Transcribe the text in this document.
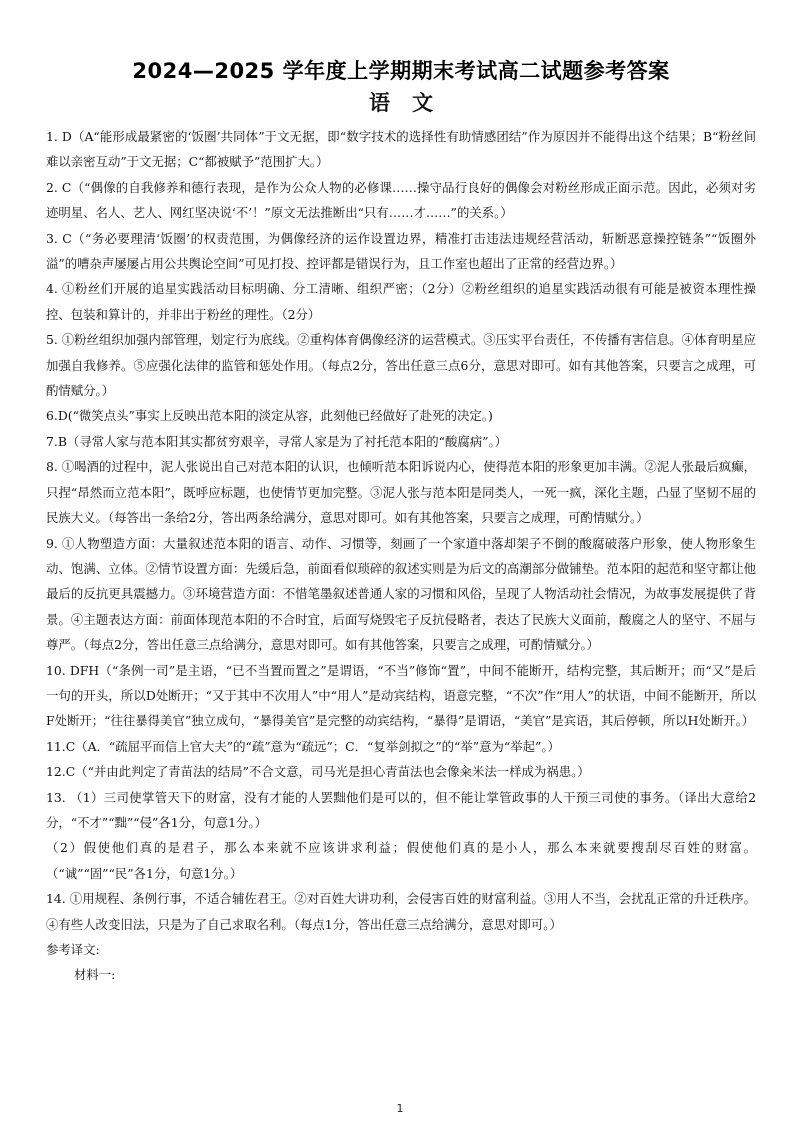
2024—2025 学年度上学期期末考试高二试题参考答案
语文

1. D（A“能形成最紧密的‘饭圈’共同体”于文无据，即“数字技术的选择性有助情感团结”作为原因并不能得出这个结果；B“粉丝间难以亲密互动”于文无据；C“都被赋予”范围扩大。）

2. C（“偶像的自我修养和德行表现，是作为公众人物的必修课……操守品行良好的偶像会对粉丝形成正面示范。因此，必须对劣迹明星、名人、艺人、网红坚决说‘不’！”原文无法推断出“只有……才……”的关系。）

3. C（“务必要理清‘饭圈’的权责范围，为偶像经济的运作设置边界，精准打击违法违规经营活动，斩断恶意操控链条”“饭圈外溢”的嘈杂声屡屡占用公共舆论空间”可见打投、控评都是错误行为，且工作室也超出了正常的经营边界。）

4. ①粉丝们开展的追星实践活动目标明确、分工清晰、组织严密；（2分）②粉丝组织的追星实践活动很有可能是被资本理性操控、包装和算计的，并非出于粉丝的理性。（2分）

5. ①粉丝组织加强内部管理，划定行为底线。②重构体育偶像经济的运营模式。③压实平台责任，不传播有害信息。④体育明星应加强自我修养。⑤应强化法律的监管和惩处作用。（每点2分，答出任意三点6分，意思对即可。如有其他答案，只要言之成理，可酌情赋分。）

6.D(“微笑点头”事实上反映出范本阳的淡定从容，此刻他已经做好了赴死的决定。)

7.B（寻常人家与范本阳其实都贫穷艰辛，寻常人家是为了衬托范本阳的“酸腐病”。）

8. ①喝酒的过程中，泥人张说出自己对范本阳的认识，也倾听范本阳诉说内心，使得范本阳的形象更加丰满。②泥人张最后疯癫，只捏“昂然而立范本阳”，既呼应标题，也使情节更加完整。③泥人张与范本阳是同类人，一死一疯，深化主题，凸显了坚韧不屈的民族大义。（每答出一条给2分，答出两条给满分，意思对即可。如有其他答案，只要言之成理，可酌情赋分。）

9. ①人物塑造方面：大量叙述范本阳的语言、动作、习惯等，刻画了一个家道中落却架子不倒的酸腐破落户形象，使人物形象生动、饱满、立体。②情节设置方面：先缓后急，前面看似琐碎的叙述实则是为后文的高潮部分做铺垫。范本阳的起范和坚守都让他最后的反抗更具震撼力。③环境营造方面：不惜笔墨叙述普通人家的习惯和风俗，呈现了人物活动社会情况，为故事发展提供了背景。④主题表达方面：前面体现范本阳的不合时宜，后面写烧毁宅子反抗侵略者，表达了民族大义面前，酸腐之人的坚守、不屈与尊严。（每点2分，答出任意三点给满分，意思对即可。如有其他答案，只要言之成理，可酌情赋分。）

10. DFH（“条例一司”是主语，“已不当置而置之”是谓语，“不当”修饰“置”，中间不能断开，结构完整，其后断开；而“又”是后一句的开头，所以D处断开；“又于其中不次用人”中“用人”是动宾结构，语意完整，“不次”作“用人”的状语，中间不能断开，所以F处断开；“往往暴得美官”独立成句，“暴得美官”是完整的动宾结构，“暴得”是谓语，“美官”是宾语，其后停顿，所以H处断开。）

11.C（A．“疏屈平而信上官大夫”的“疏”意为“疏远”；C．“复举剑拟之”的“举”意为“举起”。）

12.C（“并由此判定了青苗法的结局”不合文意，司马光是担心青苗法也会像籴米法一样成为祸患。）

13. （1）三司使掌管天下的财富，没有才能的人罢黜他们是可以的，但不能让掌管政事的人干预三司使的事务。（译出大意给2分，“不才”“黜”“侵”各1分，句意1分。）

（2）假使他们真的是君子，那么本来就不应该讲求利益；假使他们真的是小人，那么本来就要搜刮尽百姓的财富。（“诚”“固”“民”各1分，句意1分。）

14. ①用规程、条例行事，不适合辅佐君王。②对百姓大讲功利，会侵害百姓的财富利益。③用人不当，会扰乱正常的升迁秩序。④有些人改变旧法，只是为了自己求取名利。（每点1分，答出任意三点给满分，意思对即可。）

参考译文:

材料一:

1
